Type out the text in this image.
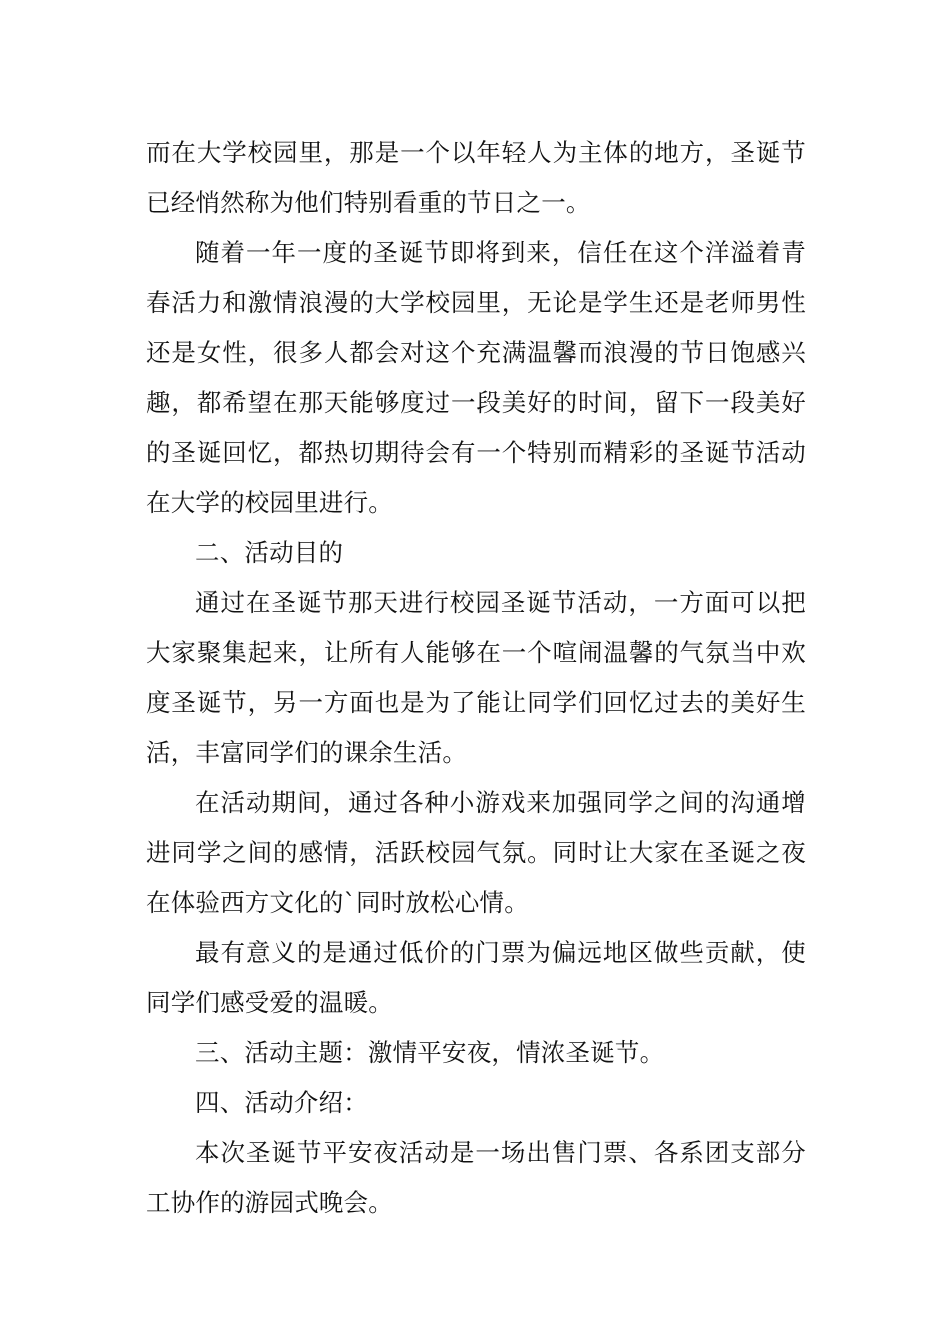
而在大学校园里，那是一个以年轻人为主体的地方，圣诞节已经悄然称为他们特别看重的节日之一。

随着一年一度的圣诞节即将到来，信任在这个洋溢着青春活力和激情浪漫的大学校园里，无论是学生还是老师男性还是女性，很多人都会对这个充满温馨而浪漫的节日饱感兴趣，都希望在那天能够度过一段美好的时间，留下一段美好的圣诞回忆，都热切期待会有一个特别而精彩的圣诞节活动在大学的校园里进行。

二、活动目的

通过在圣诞节那天进行校园圣诞节活动，一方面可以把大家聚集起来，让所有人能够在一个喧闹温馨的气氛当中欢度圣诞节，另一方面也是为了能让同学们回忆过去的美好生活，丰富同学们的课余生活。

在活动期间，通过各种小游戏来加强同学之间的沟通增进同学之间的感情，活跃校园气氛。同时让大家在圣诞之夜在体验西方文化的`同时放松心情。

最有意义的是通过低价的门票为偏远地区做些贡献，使同学们感受爱的温暖。

三、活动主题：激情平安夜，情浓圣诞节。

四、活动介绍：

本次圣诞节平安夜活动是一场出售门票、各系团支部分工协作的游园式晚会。
